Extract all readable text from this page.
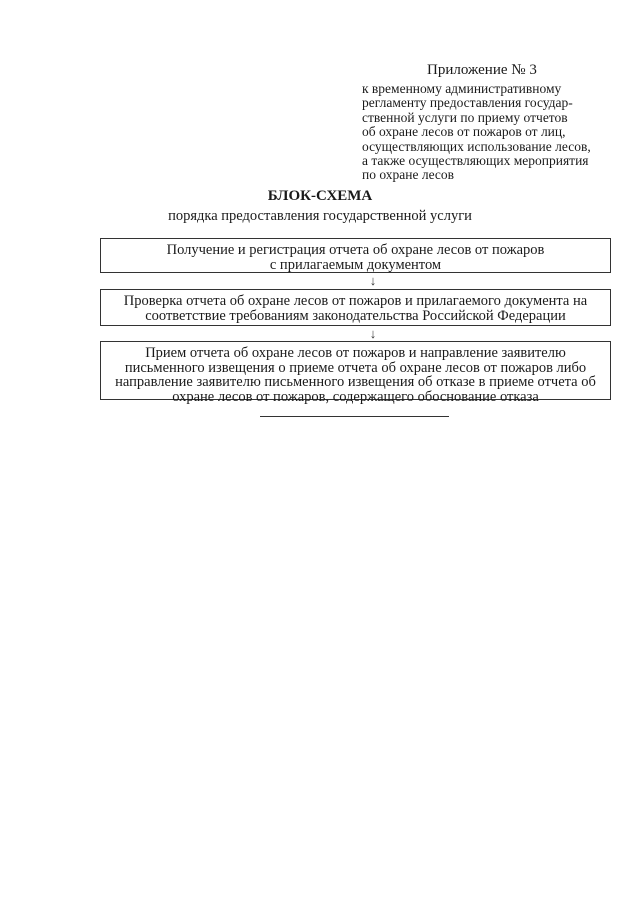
Приложение № 3
к временному административному
регламенту предоставления государ-
ственной услуги по приему отчетов
об охране лесов от пожаров от лиц,
осуществляющих использование лесов,
а также осуществляющих мероприятия
по охране лесов
БЛОК-СХЕМА
порядка предоставления государственной услуги
Получение и регистрация отчета об охране лесов от пожаров
с прилагаемым документом
↓
Проверка отчета об охране лесов от пожаров и прилагаемого документа на
соответствие требованиям законодательства Российской Федерации
↓
Прием отчета об охране лесов от пожаров и направление заявителю
письменного извещения о приеме отчета об охране лесов от пожаров либо
направление заявителю письменного извещения об отказе в приеме отчета об
охране лесов от пожаров, содержащего обоснование отказа
